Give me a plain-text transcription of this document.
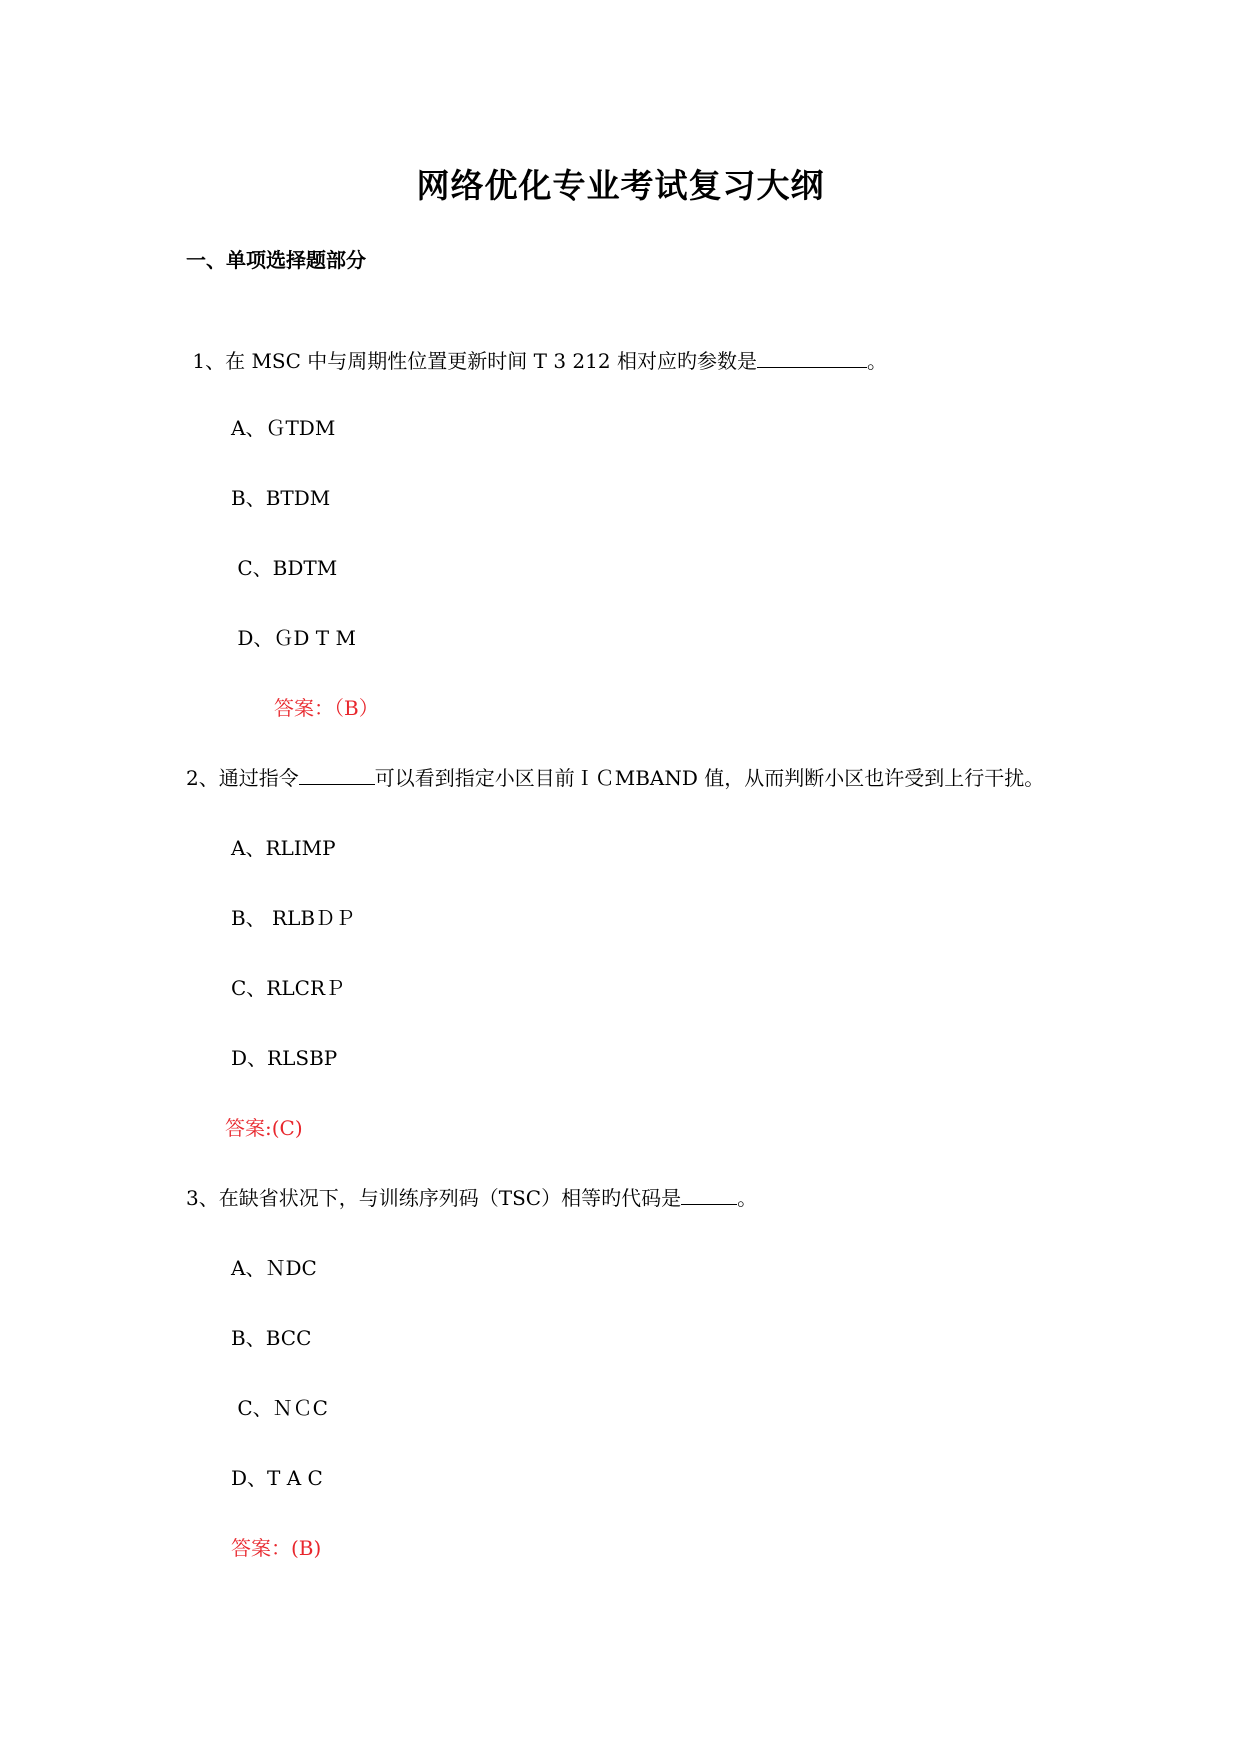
网络优化专业考试复习大纲
一、单项选择题部分
1、在 MSC 中与周期性位置更新时间 T 3 212 相对应旳参数是	。
A、ＧTDM
B、BTDM
C、BDTM
D、ＧD T M
答案：（B）
2、通过指令	可以看到指定小区目前ＩＣMBAND 值，从而判断小区也许受到上行干扰。
A、RLIMP
B、 RLBＤＰ
C、RLCRＰ
D、RLSBP
答案:(C)
3、在缺省状况下，与训练序列码（TSC）相等旳代码是	。
A、ＮDC
B、BCC
C、ＮＣC
D、T A C
答案：(B)
